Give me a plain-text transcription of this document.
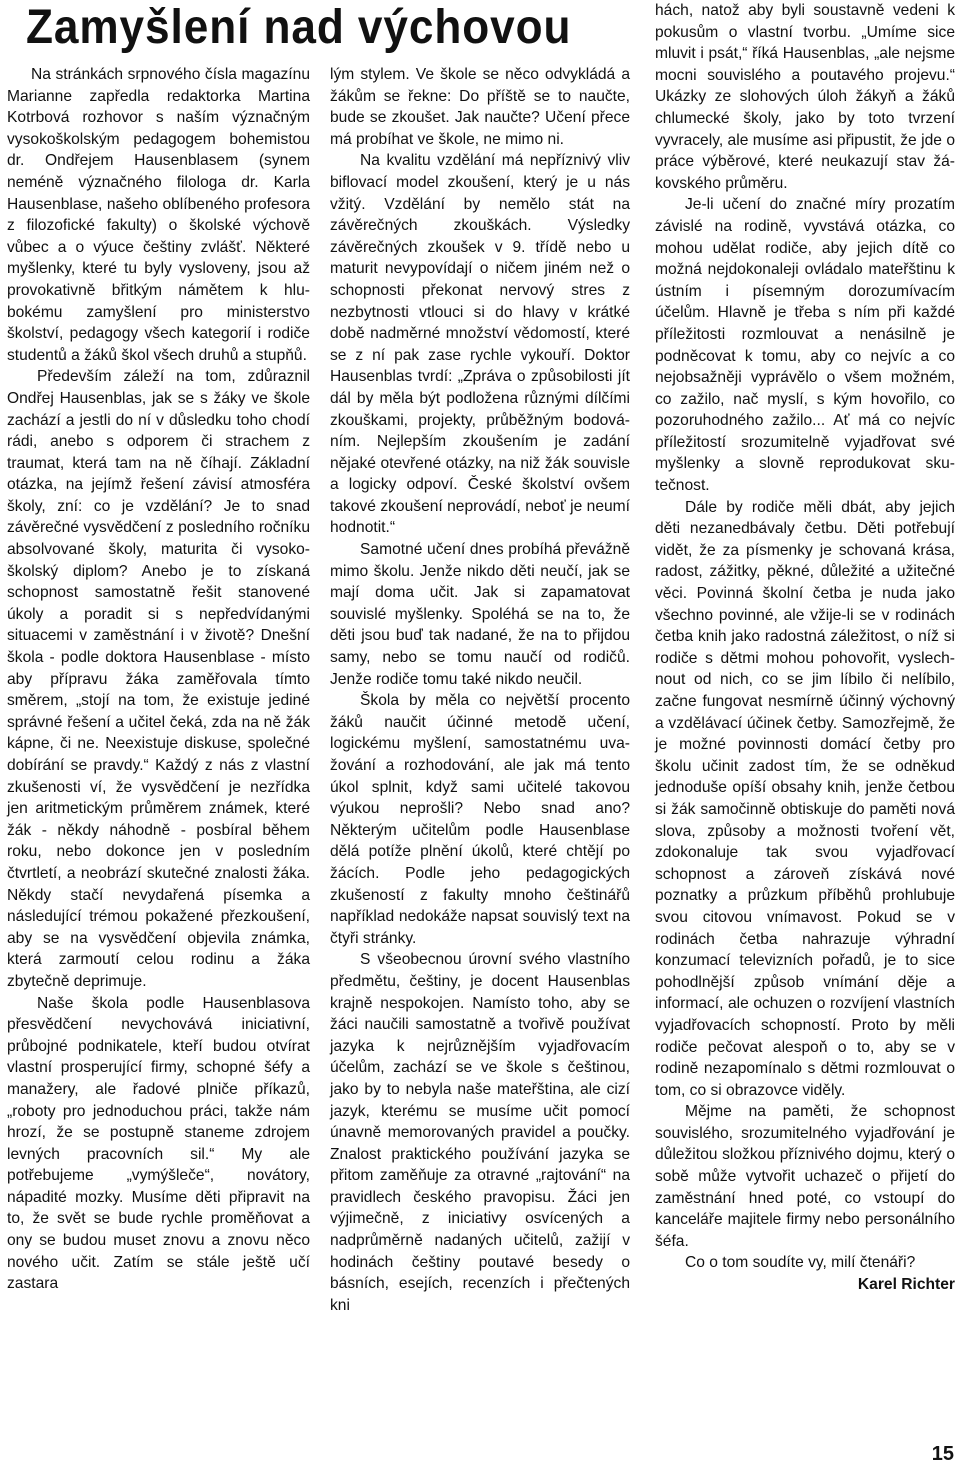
Zamyšlení nad výchovou

Na stránkách srpnového čísla magazínu Marianne zapředla redaktorka Martina Kotrbová rozhovor s naším význačným vysokoškolským pedagogem bohemistou dr. Ondřejem Hausenblasem (synem neméně význačného filologa dr. Karla Hausenblase, našeho oblíbeného profesora z filozofické fakulty) o školské výchově vůbec a o výuce češtiny zvlášť. Některé myšlenky, které tu byly vysloveny, jsou až provokativně břitkým námětem k hlubokému zamyšlení pro ministerstvo školství, pedagogy všech kategorií i rodiče studentů a žáků škol všech druhů a stupňů.

Především záleží na tom, zdůraznil Ondřej Hausenblas, jak se s žáky ve škole zachází a jestli do ní v důsledku toho chodí rádi, anebo s odporem či strachem z traumat, která tam na ně číhají. Základní otázka, na jejímž řešení závisí atmosféra školy, zní: co je vzdělání? Je to snad závěrečné vysvědčení z posledního ročníku absolvované školy, maturita či vysokoškolský diplom? Anebo je to získaná schopnost samostatně řešit stanovené úkoly a poradit si s nepředvídanými situacemi v zaměstnání i v životě? Dnešní škola - podle doktora Hausenblase - místo aby přípravu žáka zaměřovala tímto směrem, „stojí na tom, že existuje jediné správné řešení a učitel čeká, zda na ně žák kápne, či ne. Neexistuje diskuse, společné dobírání se pravdy.“ Každý z nás z vlastní zkušenosti ví, že vysvědčení je nezřídka jen aritmetickým průměrem známek, které žák - někdy náhodně - posbíral během roku, nebo dokonce jen v posledním čtvrtletí, a neobrází skutečné znalosti žáka. Někdy stačí nevydařená písemka a následující trémou pokažené přezkoušení, aby se na vysvědčení objevila známka, která zarmoutí celou rodinu a žáka zbytečně deprimuje.

Naše škola podle Hausenblasova přesvědčení nevychovává iniciativní, průbojné podnikatele, kteří budou otvírat vlastní prosperující firmy, schopné šéfy a manažery, ale řadové plniče příkazů, „roboty pro jednoduchou práci, takže nám hrozí, že se postupně staneme zdrojem levných pracovních sil.“ My ale potřebujeme „vymýšleče“, novátory, nápadité mozky. Musíme děti připravit na to, že svět se bude rychle proměňovat a ony se budou muset znovu a znovu něco nového učit. Zatím se stále ještě učí zastara

lým stylem. Ve škole se něco odvykládá a žákům se řekne: Do příště se to naučte, bude se zkoušet. Jak naučte? Učení přece má probíhat ve škole, ne mimo ni.

Na kvalitu vzdělání má nepříznivý vliv biflovací model zkoušení, který je u nás vžitý. Vzdělání by nemělo stát na závěrečných zkouškách. Výsledky závěrečných zkoušek v 9. třídě nebo u maturit nevypovídají o ničem jiném než o schopnosti překonat nervový stres z nezbytnosti vtlouci si do hlavy v krátké době nadměrné množství vědomostí, které se z ní pak zase rychle vykouří. Doktor Hausenblas tvrdí: „Zpráva o způsobilosti jít dál by měla být podložena různými dílčími zkouškami, projekty, průběžným bodováním. Nejlepším zkoušením je zadání nějaké otevřené otázky, na niž žák souvisle a logicky odpoví. České školství ovšem takové zkoušení neprovádí, neboť je neumí hodnotit.“

Samotné učení dnes probíhá převážně mimo školu. Jenže nikdo děti neučí, jak se mají doma učit. Jak si zapamatovat souvislé myšlenky. Spoléhá se na to, že děti jsou buď tak nadané, že na to přijdou samy, nebo se tomu naučí od rodičů. Jenže rodiče tomu také nikdo neučil.

Škola by měla co největší procento žáků naučit účinné metodě učení, logickému myšlení, samostatnému uvažování a rozhodování, ale jak má tento úkol splnit, když sami učitelé takovou výukou neprošli? Nebo snad ano? Některým učitelům podle Hausenblase dělá potíže plnění úkolů, které chtějí po žácích. Podle jeho pedagogických zkušeností z fakulty mnoho češtinářů například nedokáže napsat souvislý text na čtyři stránky.

S všeobecnou úrovní svého vlastního předmětu, češtiny, je docent Hausenblas krajně nespokojen. Namísto toho, aby se žáci naučili samostatně a tvořivě používat jazyka k nejrůznějším vyjadřovacím účelům, zachází se ve škole s češtinou, jako by to nebyla naše mateřština, ale cizí jazyk, kterému se musíme učit pomocí únavně memorovaných pravidel a poučky. Znalost praktického používání jazyka se přitom zaměňuje za otravné „rajtování“ na pravidlech českého pravopisu. Žáci jen výjimečně, z iniciativy osvícených a nadprůměrně nadaných učitelů, zažijí v hodinách češtiny poutavé besedy o básních, esejích, recenzích i přečtených kni

hách, natož aby byli soustavně vedeni k pokusům o vlastní tvorbu. „Umíme sice mluvit i psát,“ říká Hausenblas, „ale nejsme mocni souvislého a poutavého projevu.“ Ukázky ze slohových úloh žákyň a žáků chlumecké školy, jako by toto tvrzení vyvracely, ale musíme asi připustit, že jde o práce výběrové, které neukazují stav žákovského průměru.

Je-li učení do značné míry prozatím závislé na rodině, vyvstává otázka, co mohou udělat rodiče, aby jejich dítě co možná nejdokonaleji ovládalo mateřštinu k ústním i písemným dorozumívacím účelům. Hlavně je třeba s ním při každé příležitosti rozmlouvat a nenásilně je podněcovat k tomu, aby co nejvíc a co nejobsažněji vyprávělo o všem možném, co zažilo, nač myslí, s kým hovořilo, co pozoruhodného zažilo... Ať má co nejvíc příležitostí srozumitelně vyjadřovat své myšlenky a slovně reprodukovat skutečnost.

Dále by rodiče měli dbát, aby jejich děti nezanedbávaly četbu. Děti potřebují vidět, že za písmenky je schovaná krása, radost, zážitky, pěkné, důležité a užitečné věci. Povinná školní četba je nuda jako všechno povinné, ale vžije-li se v rodinách četba knih jako radostná záležitost, o níž si rodiče s dětmi mohou pohovořit, vyslechnout od nich, co se jim líbilo či nelíbilo, začne fungovat nesmírně účinný výchovný a vzdělávací účinek četby. Samozřejmě, že je možné povinnosti domácí četby pro školu učinit zadost tím, že se odněkud jednoduše opíší obsahy knih, jenže četbou si žák samočinně obtiskuje do paměti nová slova, způsoby a možnosti tvoření vět, zdokonaluje tak svou vyjadřovací schopnost a zároveň získává nové poznatky a průzkum příběhů prohlubuje svou citovou vnímavost. Pokud se v rodinách četba nahrazuje výhradní konzumací televizních pořadů, je to sice pohodlnější způsob vnímání děje a informací, ale ochuzen o rozvíjení vlastních vyjadřovacích schopností. Proto by měli rodiče pečovat alespoň o to, aby se v rodině nezapomínalo s dětmi rozmlouvat o tom, co si obrazovce viděly.

Mějme na paměti, že schopnost souvislého, srozumitelného vyjadřování je důležitou složkou příznivého dojmu, který o sobě může vytvořit uchazeč o přijetí do zaměstnání hned poté, co vstoupí do kanceláře majitele firmy nebo personálního šéfa.

Co o tom soudíte vy, milí čtenáři?

Karel Richter

15
